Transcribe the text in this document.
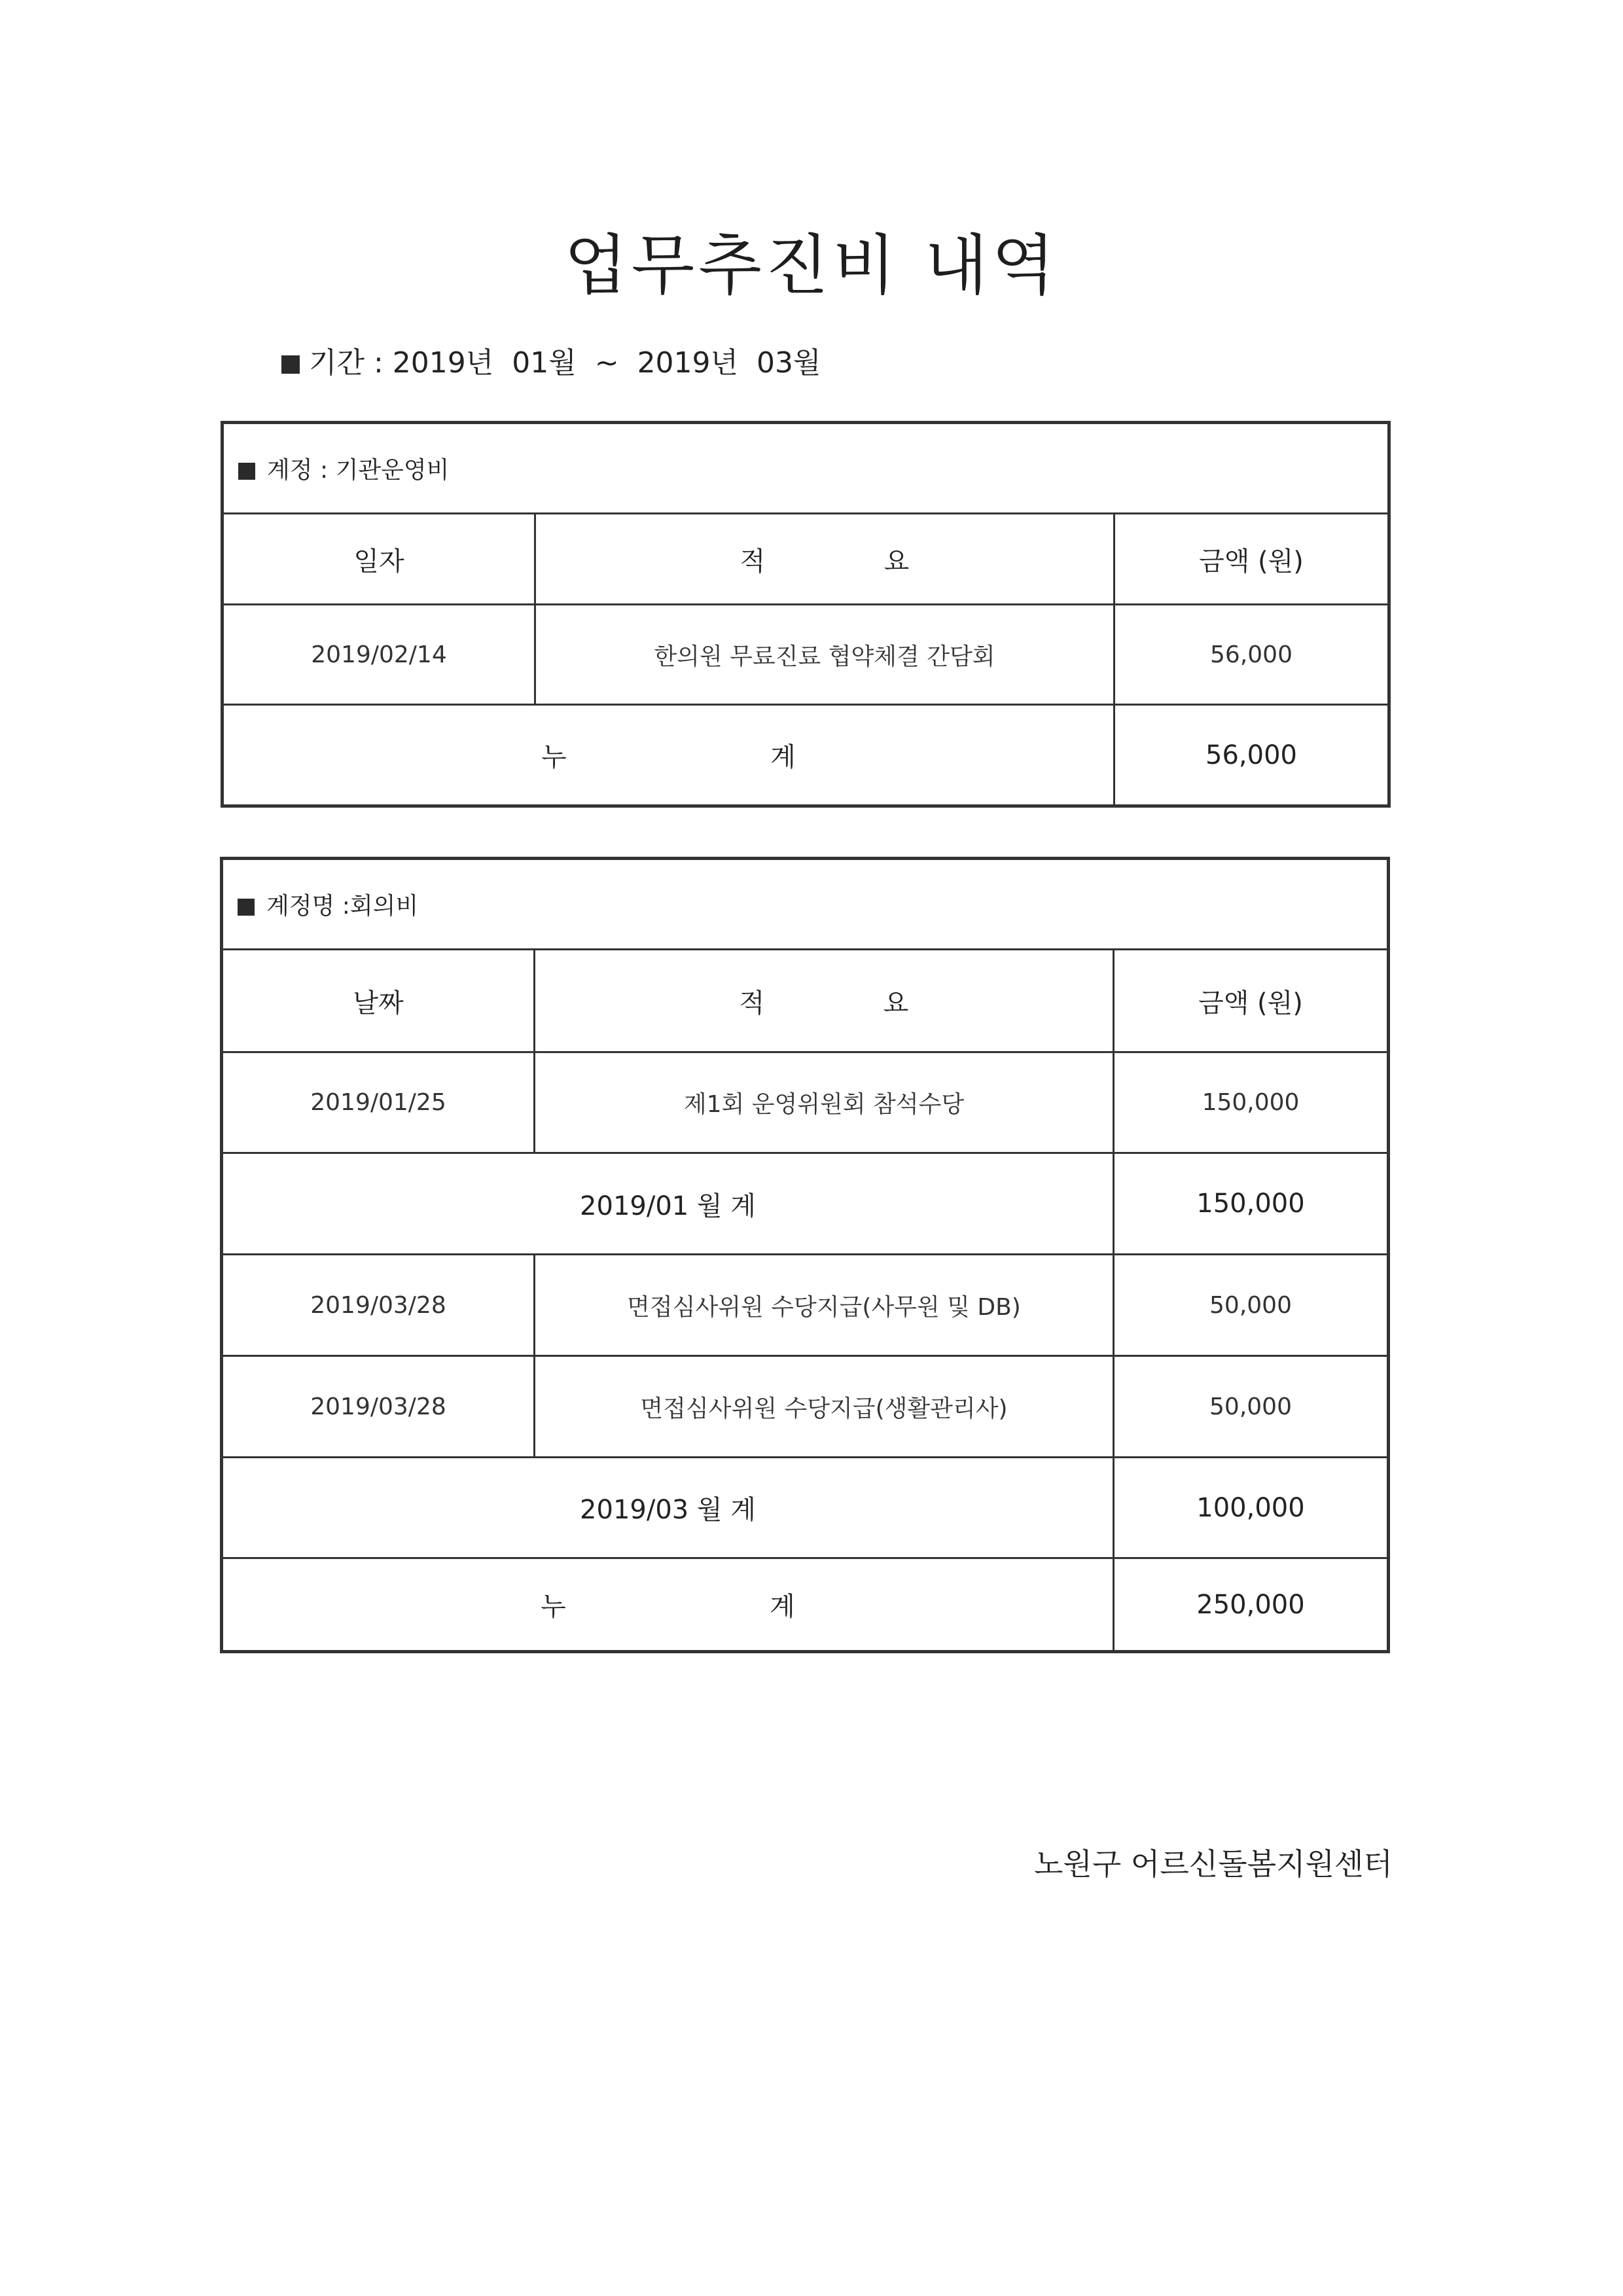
업무추진비 내역
기간 : 2019년  01월  ~  2019년  03월
계정 : 기관운영비		
일자	적 요	금액 (원)
2019/02/14	한의원 무료진료 협약체결 간담회	56,000
누 계		56,000
계정명 :회의비		
날짜	적 요	금액 (원)
2019/01/25	제1회 운영위원회 참석수당	150,000
2019/01 월 계		150,000
2019/03/28	면접심사위원 수당지급(사무원 및 DB)	50,000
2019/03/28	면접심사위원 수당지급(생활관리사)	50,000
2019/03 월 계		100,000
누 계		250,000
노원구 어르신돌봄지원센터
